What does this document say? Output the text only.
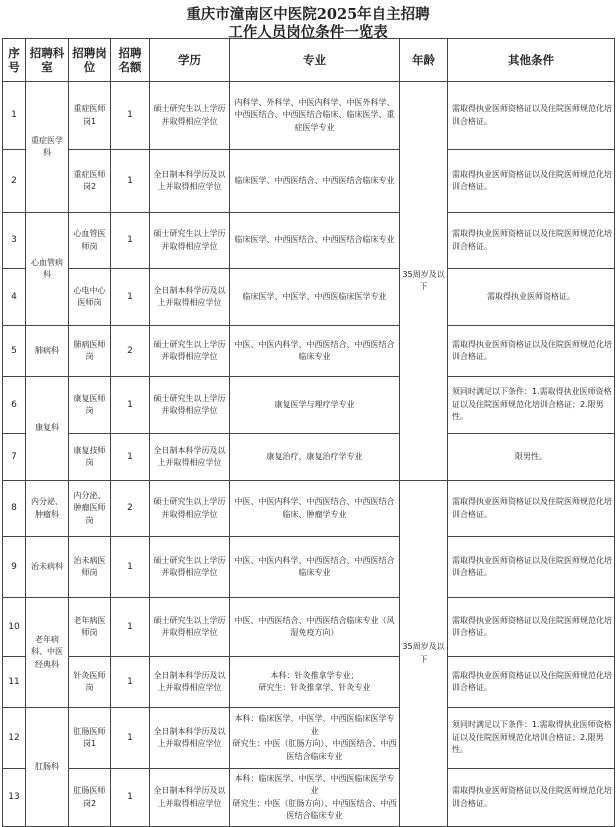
重庆市潼南区中医院2025年自主招聘
工作人员岗位条件一览表
序号	招聘科室	招聘岗位	招聘名额	学历	专业	年龄	其他条件
1	重症医学科	重症医师岗1	1	硕士研究生以上学历并取得相应学位	内科学、外科学、中医内科学、中医外科学、中西医结合、中西医结合临床、临床医学、重症医学专业	35周岁及以下	需取得执业医师资格证以及住院医师规范化培训合格证。
2		重症医师岗2	1	全日制本科学历及以上并取得相应学位	临床医学、中西医结合、中西医结合临床专业		需取得执业医师资格证以及住院医师规范化培训合格证。
3	心血管病科	心血管医师岗	1	硕士研究生以上学历并取得相应学位	临床医学、中西医结合、中西医结合临床专业		需取得执业医师资格证以及住院医师规范化培训合格证。
4		心电中心医师岗	1	全日制本科学历及以上并取得相应学位	临床医学、中医学、中西医临床医学专业		需取得执业医师资格证。
5	肺病科	肺病医师岗	2	硕士研究生以上学历并取得相应学位	中医、中医内科学、中西医结合、中西医结合临床专业		需取得执业医师资格证以及住院医师规范化培训合格证。
6	康复科	康复医师岗	1	硕士研究生以上学历并取得相应学位	康复医学与理疗学专业		须同时满足以下条件：1.需取得执业医师资格证以及住院医师规范化培训合格证；2.限男性。
7		康复技师岗	1	全日制本科学历及以上并取得相应学位	康复治疗、康复治疗学专业		限男性。
8	内分泌、肿瘤科	内分泌、肿瘤医师岗	2	硕士研究生以上学历并取得相应学位	中医、中医内科学、中西医结合、中西医结合临床、肿瘤学专业	35周岁及以下	需取得执业医师资格证以及住院医师规范化培训合格证。
9	治未病科	治未病医师岗	1	硕士研究生以上学历并取得相应学位	中医、中医内科学、中西医结合、中西医结合临床专业		需取得执业医师资格证以及住院医师规范化培训合格证。
10	老年病科、中医经典科	老年病医师岗	1	硕士研究生以上学历并取得相应学位	中医、中西医结合、中西医结合临床专业（风湿免疫方向）		需取得执业医师资格证以及住院医师规范化培训合格证。
11		针灸医师岗	1	全日制本科学历及以上并取得相应学位	本科：针灸推拿学专业；
研究生：针灸推拿学、针灸专业		需取得执业医师资格证以及住院医师规范化培训合格证。
12	肛肠科	肛肠医师岗1	1	全日制本科学历及以上并取得相应学位	本科：临床医学、中医学、中西医临床医学专业
研究生：中医（肛肠方向）、中西医结合、中西医结合临床专业		须同时满足以下条件：1.需取得执业医师资格证以及住院医师规范化培训合格证；2.限男性。
13		肛肠医师岗2	1	全日制本科学历及以上并取得相应学位	本科：临床医学、中医学、中西医临床医学专业
研究生：中医（肛肠方向）、中西医结合、中西医结合临床专业		需取得执业医师资格证以及住院医师规范化培训合格证。
